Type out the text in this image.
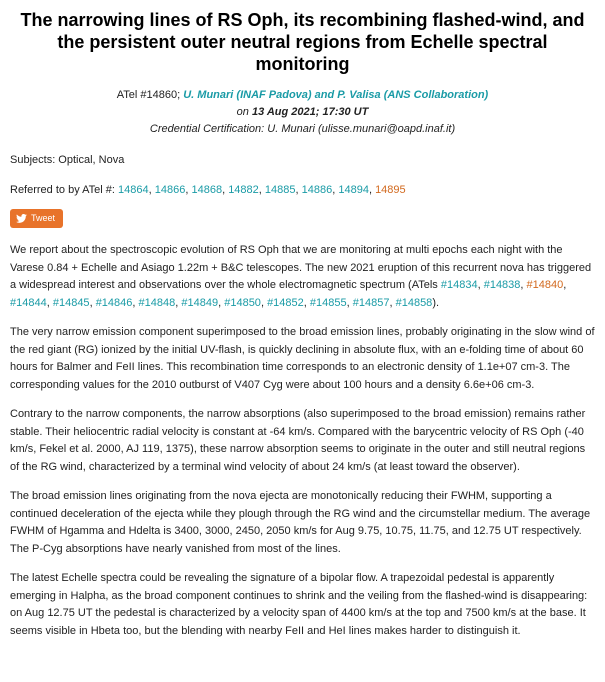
The narrowing lines of RS Oph, its recombining flashed-wind, and the persistent outer neutral regions from Echelle spectral monitoring
ATel #14860; U. Munari (INAF Padova) and P. Valisa (ANS Collaboration)
on 13 Aug 2021; 17:30 UT
Credential Certification: U. Munari (ulisse.munari@oapd.inaf.it)
Subjects: Optical, Nova
Referred to by ATel #: 14864, 14866, 14868, 14882, 14885, 14886, 14894, 14895
Tweet

We report about the spectroscopic evolution of RS Oph that we are monitoring at multi epochs each night with the Varese 0.84 + Echelle and Asiago 1.22m + B&C telescopes. The new 2021 eruption of this recurrent nova has triggered a widespread interest and observations over the whole electromagnetic spectrum (ATels #14834, #14838, #14840, #14844, #14845, #14846, #14848, #14849, #14850, #14852, #14855, #14857, #14858).

The very narrow emission component superimposed to the broad emission lines, probably originating in the slow wind of the red giant (RG) ionized by the initial UV-flash, is quickly declining in absolute flux, with an e-folding time of about 60 hours for Balmer and FeII lines. This recombination time corresponds to an electronic density of 1.1e+07 cm-3. The corresponding values for the 2010 outburst of V407 Cyg were about 100 hours and a density 6.6e+06 cm-3.

Contrary to the narrow components, the narrow absorptions (also superimposed to the broad emission) remains rather stable. Their heliocentric radial velocity is constant at -64 km/s. Compared with the barycentric velocity of RS Oph (-40 km/s, Fekel et al. 2000, AJ 119, 1375), these narrow absorption seems to originate in the outer and still neutral regions of the RG wind, characterized by a terminal wind velocity of about 24 km/s (at least toward the observer).

The broad emission lines originating from the nova ejecta are monotonically reducing their FWHM, supporting a continued deceleration of the ejecta while they plough through the RG wind and the circumstellar medium. The average FWHM of Hgamma and Hdelta is 3400, 3000, 2450, 2050 km/s for Aug 9.75, 10.75, 11.75, and 12.75 UT respectively. The P-Cyg absorptions have nearly vanished from most of the lines.

The latest Echelle spectra could be revealing the signature of a bipolar flow. A trapezoidal pedestal is apparently emerging in Halpha, as the broad component continues to shrink and the veiling from the flashed-wind is disappearing: on Aug 12.75 UT the pedestal is characterized by a velocity span of 4400 km/s at the top and 7500 km/s at the base. It seems visible in Hbeta too, but the blending with nearby FeII and HeI lines makes harder to distinguish it.
